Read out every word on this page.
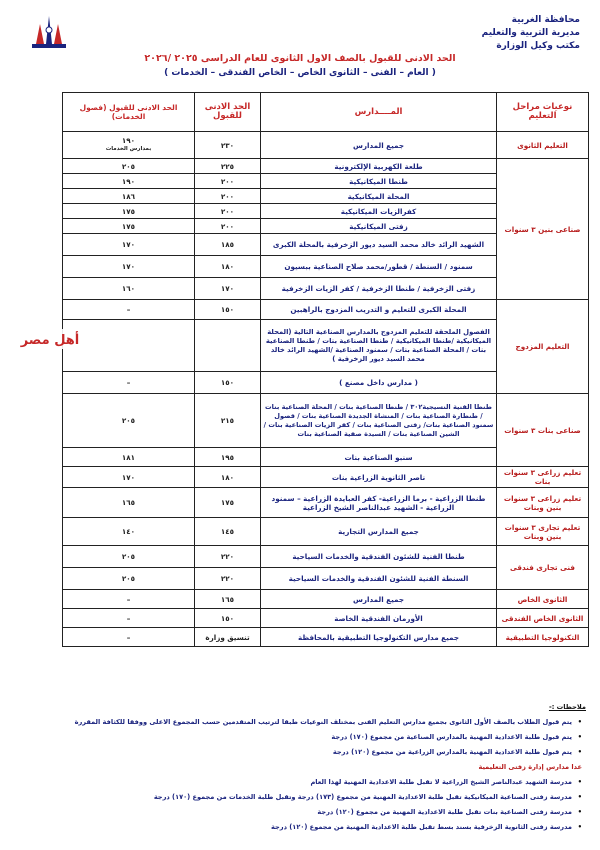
محافظة الغربية
مديرية التربية والتعليم
مكتب وكيل الوزارة
الحد الادنى للقبول بالصف الاول الثانوى للعام الدراسى ٢٠٢٥ /٢٠٢٦
( العام – الفنى – الثانوى الخاص – الخاص الفندقى – الخدمات )
نوعيات مراحل التعليم	المــــدارس	الحد الادنى للقبول	الحد الادنى للقبول (فصول الخدمات)
التعليم الثانوى	جميع المدارس	٢٣٠	١٩٠
بمدارس الخدمات

صناعى بنين ٣ سنوات	طلعة الكهربية الإلكترونية	٢٢٥	٢٠٥
	طنطا الميكانيكية	٢٠٠	١٩٠
	المحلة الميكانيكية	٢٠٠	١٨٦
	كفرالزيات الميكانيكية	٢٠٠	١٧٥
	زفتى الميكانيكية	٢٠٠	١٧٥
	الشهيد الرائد خالد محمد السيد ديور الزخرفية بالمحلة الكبرى	١٨٥	١٧٠
	سمنود / السنطة / قطور/محمد صلاح الصناعية ببسيون	١٨٠	١٧٠
	زفتى الزخرفية / طنطا الزخرفية / كفر الزيات الزخرفية	١٧٠	١٦٠
التعليم المزدوج	المحلة الكبرى للتعليم و التدريب المزدوج بالراهبين	١٥٠	–
	الفصول الملحقة للتعليم المزدوج بالمدارس الصناعية التالية (المحلة الميكانيكية /طنطا الميكانيكية / طنطا الصناعية بنات / طنطا الصناعية بنات / المحلة الصناعية بنات / سمنود الصناعية /الشهيد الرائد خالد محمد السيد ديور الزخرفية )		
	( مدارس داخل مصنع )	١٥٠	–
صناعى بنات ٣ سنوات	طنطا الفنية النسيجية٣٠٢ / طنطا الصناعية بنات / المحلة الصناعية بنات / طنطارة الصناعية بنات / المنشاة الجديدة الصناعية بنات / قصول سمنود الصناعية بنات/ زفتى الصناعية بنات / كفر الزيات الصناعية بنات / الشين الصناعية بنات / السيدة صفية الصناعية بنات	٢١٥	٢٠٥
	سنبو الصناعية بنات	١٩٥	١٨١
تعليم زراعى ٣ سنوات بنات	ناصر الثانوية الزراعية بنات	١٨٠	١٧٠
تعليم زراعى ٣ سنوات بنين وبنات	طنطا الزراعية - برما الزراعية- كفر العبايدة الزراعية – سمنود الزراعية - الشهيد عبدالناصر الشيخ الزراعية	١٧٥	١٦٥
تعليم تجارى ٣ سنوات بنين وبنات	جميع المدارس التجارية	١٤٥	١٤٠
فنى تجارى فندقى	طنطا الفنية للشئون الفندقية والخدمات السياحية	٢٢٠	٢٠٥
	السنطة الفنية للشئون الفندقية والخدمات السياحية	٢٢٠	٢٠٥
الثانوى الخاص	جميع المدارس	١٦٥	–
الثانوى الخاص الفندقى	الأورمان الفندقية الخاصة	١٥٠	–
التكنولوجيا التطبيقية	جميع مدارس التكنولوجيا التطبيقية بالمحافظة	تنسيق وزارة	–
أهل مصر
ملاحظات :-
• يتم قبول الطلاب بالصف الأول الثانوى بجميع مدارس التعليم الفنى بمختلف النوعيات طبقا لترتيب المتقدمين حسب المجموع الاعلى ووفقا للكثافة المقررة
• يتم قبول طلبة الاعدادية المهنية بالمدارس الصناعية من مجموع (١٧٠) درجة
• يتم قبول طلبة الاعدادية المهنية بالمدارس الزراعية من مجموع (١٢٠) درجة
عدا مدارس إدارة زفتى التعليمية
• مدرسة الشهيد عبدالناصر الشيخ الزراعية لا تقبل طلبة الاعدادية المهنية لهذا العام
• مدرسة زفتى الصناعية الميكانيكية تقبل طلبة الاعدادية المهنية من مجموع (١٧٣) درجة وتقبل طلبة الخدمات من مجموع (١٧٠) درجة
• مدرسة زفتى الصناعية بنات تقبل طلبة الاعدادية المهنية من مجموع (١٢٠) درجة
• مدرسة زفتى الثانوية الزخرفية بسند بسط تقبل طلبة الاعدادية المهنية من مجموع (١٢٠) درجة
